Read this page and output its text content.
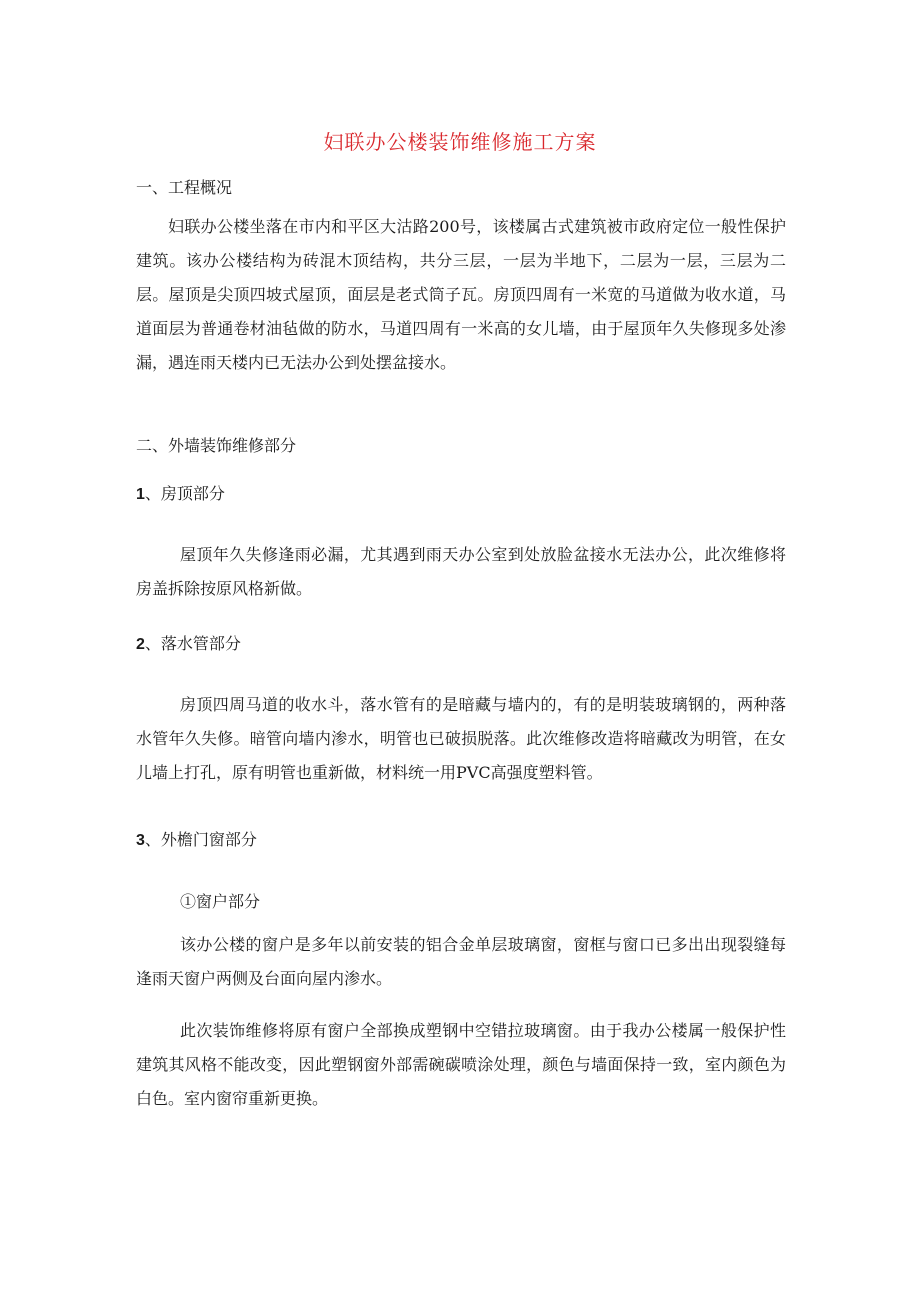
妇联办公楼装饰维修施工方案
一、工程概况
妇联办公楼坐落在市内和平区大沽路200号，该楼属古式建筑被市政府定位一般性保护建筑。该办公楼结构为砖混木顶结构，共分三层，一层为半地下，二层为一层，三层为二层。屋顶是尖顶四坡式屋顶，面层是老式筒子瓦。房顶四周有一米宽的马道做为收水道，马道面层为普通卷材油毡做的防水，马道四周有一米高的女儿墙，由于屋顶年久失修现多处渗漏，遇连雨天楼内已无法办公到处摆盆接水。
二、外墙装饰维修部分
1、房顶部分
屋顶年久失修逢雨必漏，尤其遇到雨天办公室到处放脸盆接水无法办公，此次维修将房盖拆除按原风格新做。
2、落水管部分
房顶四周马道的收水斗，落水管有的是暗藏与墙内的，有的是明装玻璃钢的，两种落水管年久失修。暗管向墙内渗水，明管也已破损脱落。此次维修改造将暗藏改为明管，在女儿墙上打孔，原有明管也重新做，材料统一用PVC高强度塑料管。
3、外檐门窗部分
①窗户部分
该办公楼的窗户是多年以前安装的铝合金单层玻璃窗，窗框与窗口已多出出现裂缝每逢雨天窗户两侧及台面向屋内渗水。
此次装饰维修将原有窗户全部换成塑钢中空错拉玻璃窗。由于我办公楼属一般保护性建筑其风格不能改变，因此塑钢窗外部需碗碳喷涂处理，颜色与墙面保持一致，室内颜色为白色。室内窗帘重新更换。
